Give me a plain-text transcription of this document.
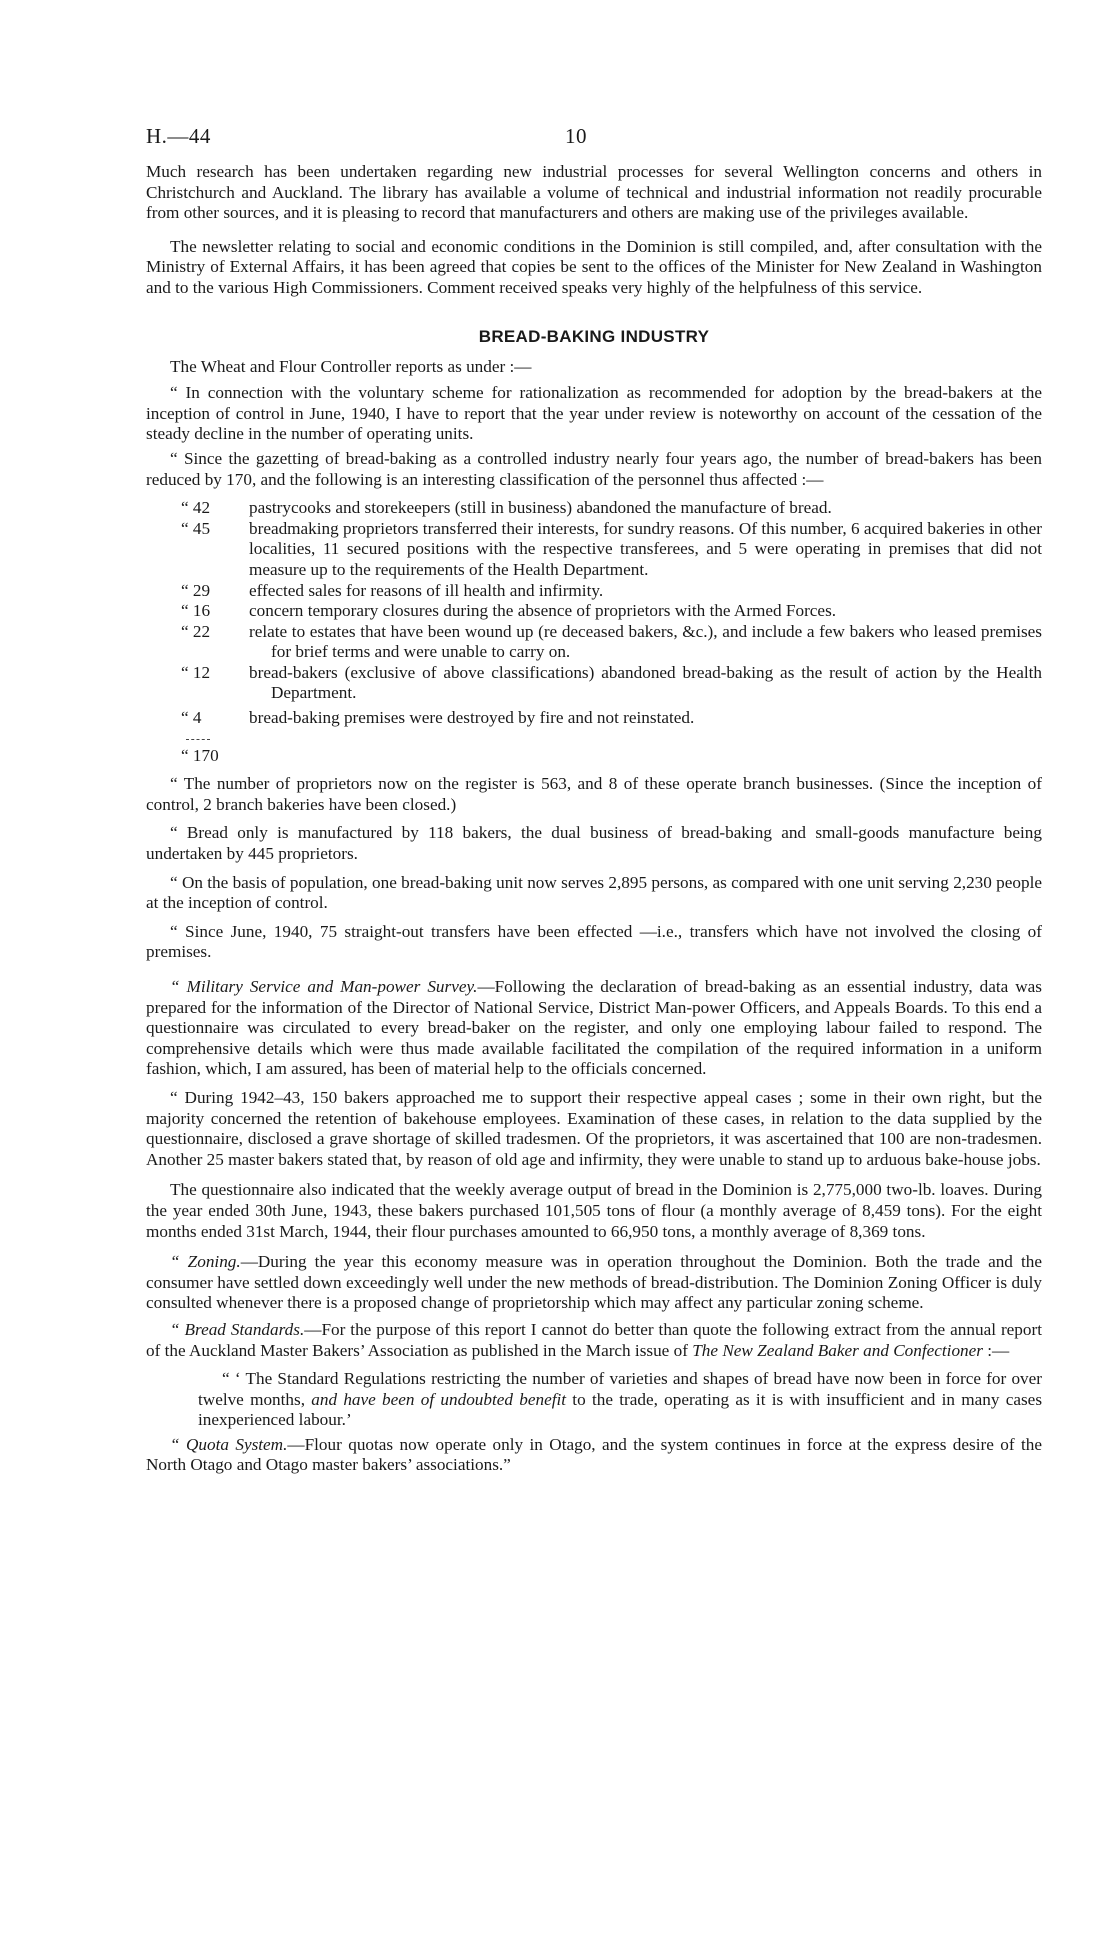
H.—44	10

Much research has been undertaken regarding new industrial processes for several Wellington concerns and others in Christchurch and Auckland. The library has available a volume of technical and industrial information not readily procurable from other sources, and it is pleasing to record that manufacturers and others are making use of the privileges available.

The newsletter relating to social and economic conditions in the Dominion is still compiled, and, after consultation with the Ministry of External Affairs, it has been agreed that copies be sent to the offices of the Minister for New Zealand in Washington and to the various High Commissioners. Comment received speaks very highly of the helpfulness of this service.

BREAD-BAKING INDUSTRY

The Wheat and Flour Controller reports as under :—

“ In connection with the voluntary scheme for rationalization as recommended for adoption by the bread-bakers at the inception of control in June, 1940, I have to report that the year under review is noteworthy on account of the cessation of the steady decline in the number of operating units.

“ Since the gazetting of bread-baking as a controlled industry nearly four years ago, the number of bread-bakers has been reduced by 170, and the following is an interesting classification of the personnel thus affected :—

“ 42	pastrycooks and storekeepers (still in business) abandoned the manufacture of bread.
“ 45	breadmaking proprietors transferred their interests, for sundry reasons. Of this number, 6 acquired bakeries in other localities, 11 secured positions with the respective transferees, and 5 were operating in premises that did not measure up to the requirements of the Health Department.
“ 29	effected sales for reasons of ill health and infirmity.
“ 16	concern temporary closures during the absence of proprietors with the Armed Forces.
“ 22	relate to estates that have been wound up (re deceased bakers, &c.), and include a few bakers who leased premises for brief terms and were unable to carry on.
“ 12	bread-bakers (exclusive of above classifications) abandoned bread-baking as the result of action by the Health Department.
“ 4	bread-baking premises were destroyed by fire and not reinstated.
“ 170

“ The number of proprietors now on the register is 563, and 8 of these operate branch businesses. (Since the inception of control, 2 branch bakeries have been closed.)

“ Bread only is manufactured by 118 bakers, the dual business of bread-baking and small-goods manufacture being undertaken by 445 proprietors.

“ On the basis of population, one bread-baking unit now serves 2,895 persons, as compared with one unit serving 2,230 people at the inception of control.

“ Since June, 1940, 75 straight-out transfers have been effected —i.e., transfers which have not involved the closing of premises.

“ Military Service and Man-power Survey.—Following the declaration of bread-baking as an essential industry, data was prepared for the information of the Director of National Service, District Man-power Officers, and Appeals Boards. To this end a questionnaire was circulated to every bread-baker on the register, and only one employing labour failed to respond. The comprehensive details which were thus made available facilitated the compilation of the required information in a uniform fashion, which, I am assured, has been of material help to the officials concerned.

“ During 1942–43, 150 bakers approached me to support their respective appeal cases ; some in their own right, but the majority concerned the retention of bakehouse employees. Examination of these cases, in relation to the data supplied by the questionnaire, disclosed a grave shortage of skilled tradesmen. Of the proprietors, it was ascertained that 100 are non-tradesmen. Another 25 master bakers stated that, by reason of old age and infirmity, they were unable to stand up to arduous bake-house jobs.

The questionnaire also indicated that the weekly average output of bread in the Dominion is 2,775,000 two-lb. loaves. During the year ended 30th June, 1943, these bakers purchased 101,505 tons of flour (a monthly average of 8,459 tons). For the eight months ended 31st March, 1944, their flour purchases amounted to 66,950 tons, a monthly average of 8,369 tons.

“ Zoning.—During the year this economy measure was in operation throughout the Dominion. Both the trade and the consumer have settled down exceedingly well under the new methods of bread-distribution. The Dominion Zoning Officer is duly consulted whenever there is a proposed change of proprietorship which may affect any particular zoning scheme.

“ Bread Standards.—For the purpose of this report I cannot do better than quote the following extract from the annual report of the Auckland Master Bakers’ Association as published in the March issue of The New Zealand Baker and Confectioner :—

“ ‘ The Standard Regulations restricting the number of varieties and shapes of bread have now been in force for over twelve months, and have been of undoubted benefit to the trade, operating as it is with insufficient and in many cases inexperienced labour.’

“ Quota System.—Flour quotas now operate only in Otago, and the system continues in force at the express desire of the North Otago and Otago master bakers’ associations.”
